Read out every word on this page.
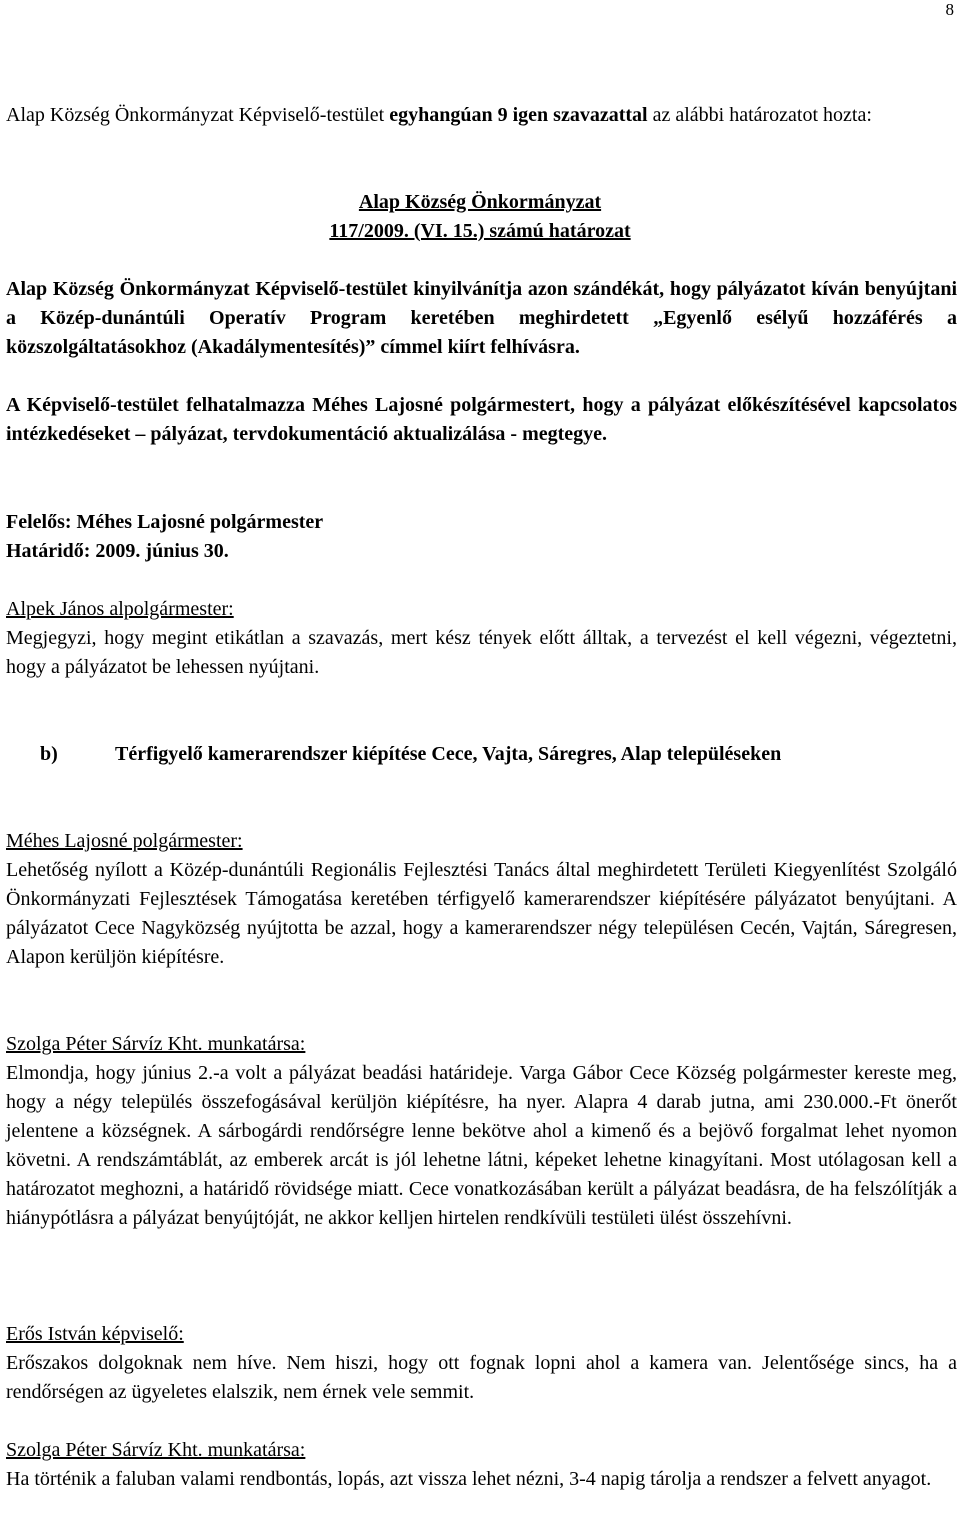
8

Alap Község Önkormányzat Képviselő-testület egyhangúan 9 igen szavazattal az alábbi határozatot hozta:

Alap Község Önkormányzat
117/2009. (VI. 15.) számú határozat

Alap Község Önkormányzat Képviselő-testület kinyilvánítja azon szándékát, hogy pályázatot kíván benyújtani a Közép-dunántúli Operatív Program keretében meghirdetett „Egyenlő esélyű hozzáférés a közszolgáltatásokhoz (Akadálymentesítés)” címmel kiírt felhívásra.

A Képviselő-testület felhatalmazza Méhes Lajosné polgármestert, hogy a pályázat előkészítésével kapcsolatos intézkedéseket – pályázat, tervdokumentáció aktualizálása - megtegye.

Felelős: Méhes Lajosné polgármester

Határidő: 2009. június 30.

Alpek János alpolgármester:

Megjegyzi, hogy megint etikátlan a szavazás, mert kész tények előtt álltak, a tervezést el kell végezni, végeztetni, hogy a pályázatot be lehessen nyújtani.

b)	Térfigyelő kamerarendszer kiépítése Cece, Vajta, Sáregres, Alap településeken

Méhes Lajosné polgármester:

Lehetőség nyílott a Közép-dunántúli Regionális Fejlesztési Tanács által meghirdetett Területi Kiegyenlítést Szolgáló Önkormányzati Fejlesztések Támogatása keretében térfigyelő kamerarendszer kiépítésére pályázatot benyújtani. A pályázatot Cece Nagyközség nyújtotta be azzal, hogy a kamerarendszer négy településen Cecén, Vajtán, Sáregresen, Alapon kerüljön kiépítésre.

Szolga Péter Sárvíz Kht. munkatársa:

Elmondja, hogy június 2.-a volt a pályázat beadási határideje. Varga Gábor Cece Község polgármester kereste meg, hogy a négy település összefogásával kerüljön kiépítésre, ha nyer. Alapra 4 darab jutna, ami 230.000.-Ft önerőt jelentene a községnek. A sárbogárdi rendőrségre lenne bekötve ahol a kimenő és a bejövő forgalmat lehet nyomon követni. A rendszámtáblát, az emberek arcát is jól lehetne látni, képeket lehetne kinagyítani. Most utólagosan kell a határozatot meghozni, a határidő rövidsége miatt. Cece vonatkozásában került a pályázat beadásra, de ha felszólítják a hiánypótlásra a pályázat benyújtóját, ne akkor kelljen hirtelen rendkívüli testületi ülést összehívni.

Erős István képviselő:

Erőszakos dolgoknak nem híve. Nem hiszi, hogy ott fognak lopni ahol a kamera van. Jelentősége sincs, ha a rendőrségen az ügyeletes elalszik, nem érnek vele semmit.

Szolga Péter Sárvíz Kht. munkatársa:

Ha történik a faluban valami rendbontás, lopás, azt vissza lehet nézni, 3-4 napig tárolja a rendszer a felvett anyagot.
